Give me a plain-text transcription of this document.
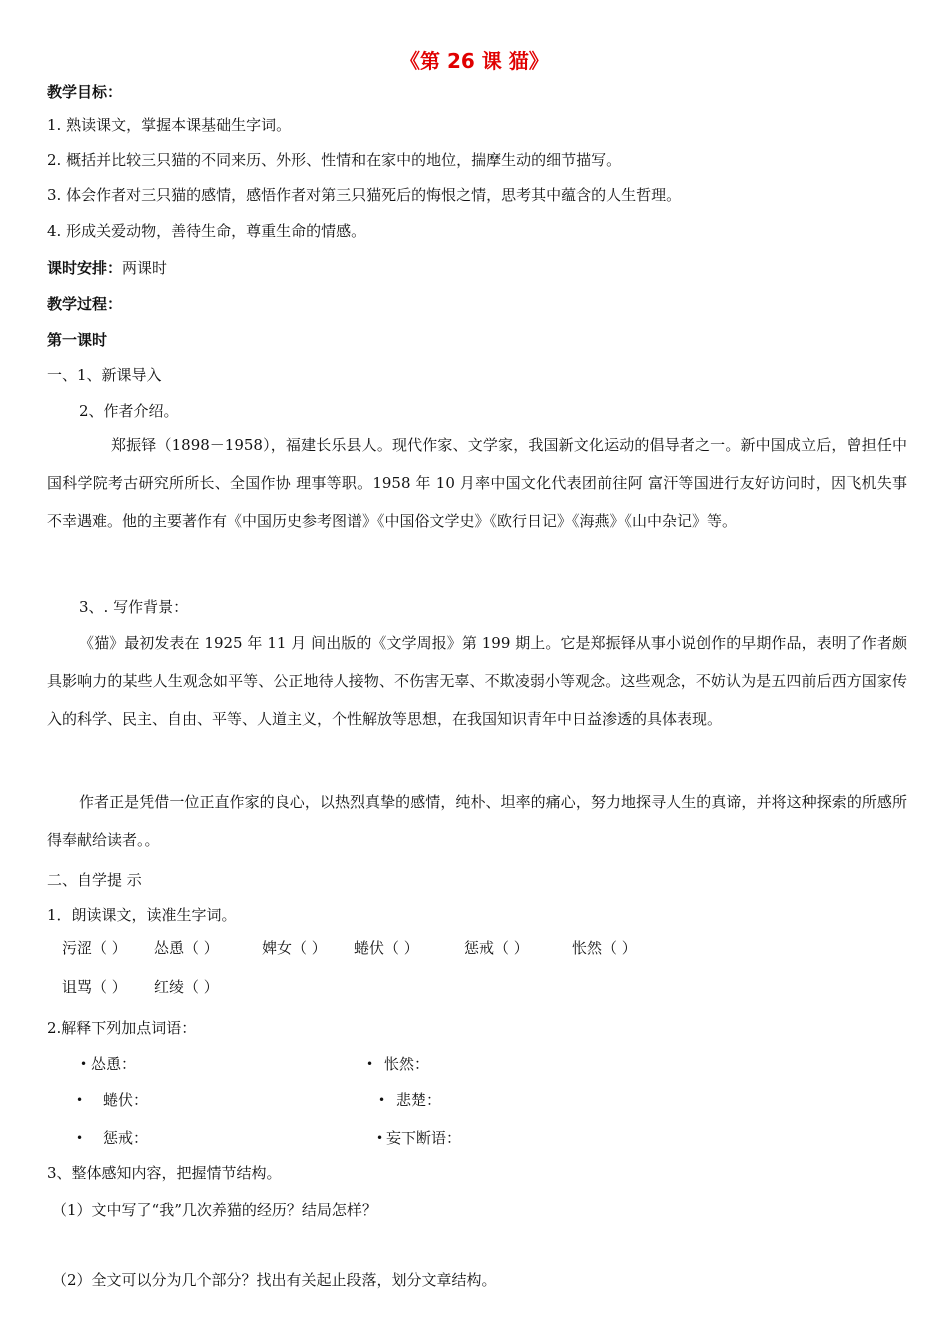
《第 26 课 猫》
教学目标：
1. 熟读课文，掌握本课基础生字词。
2. 概括并比较三只猫的不同来历、外形、性情和在家中的地位，揣摩生动的细节描写。
3. 体会作者对三只猫的感情，感悟作者对第三只猫死后的悔恨之情，思考其中蕴含的人生哲理。
4. 形成关爱动物，善待生命，尊重生命的情感。
课时安排：两课时
教学过程：
第一课时
一、1、新课导入
2、作者介绍。
郑振铎（1898－1958），福建长乐县人。现代作家、文学家，我国新文化运动的倡导者之一。新中国成立后，曾担任中国科学院考古研究所所长、全国作协 理事等职。1958 年 10 月率中国文化代表团前往阿 富汗等国进行友好访问时，因飞机失事不幸遇难。他的主要著作有《中国历史参考图谱》《中国俗文学史》《欧行日记》《海燕》《山中杂记》等。
3、. 写作背景：
《猫》最初发表在 1925 年 11 月 间出版的《文学周报》第 199 期上。它是郑振铎从事小说创作的早期作品，表明了作者颇具影响力的某些人生观念如平等、公正地待人接物、不伤害无辜、不欺凌弱小等观念。这些观念，不妨认为是五四前后西方国家传入的科学、民主、自由、平等、人道主义，个性解放等思想，在我国知识青年中日益渗透的具体表现。
作者正是凭借一位正直作家的良心，以热烈真挚的感情，纯朴、坦率的痛心，努力地探寻人生的真谛，并将这种探索的所感所得奉献给读者。。
二、自学提 示
1．朗读课文，读准生字词。
污涩（ ） 怂恿（ ）	婢女（ ） 蜷伏（ ）	惩戒（ ）	怅然（ ）
诅骂（ ） 红绫（ ）
2.解释下列加点词语：
• 怂恿：	• 怅然：
• 蜷伏：	• 悲楚：
• 惩戒：	• 妄下断语：
3、整体感知内容，把握情节结构。
（1）文中写了“我”几次养猫的经历？结局怎样？
（2）全文可以分为几个部分？找出有关起止段落，划分文章结构。
